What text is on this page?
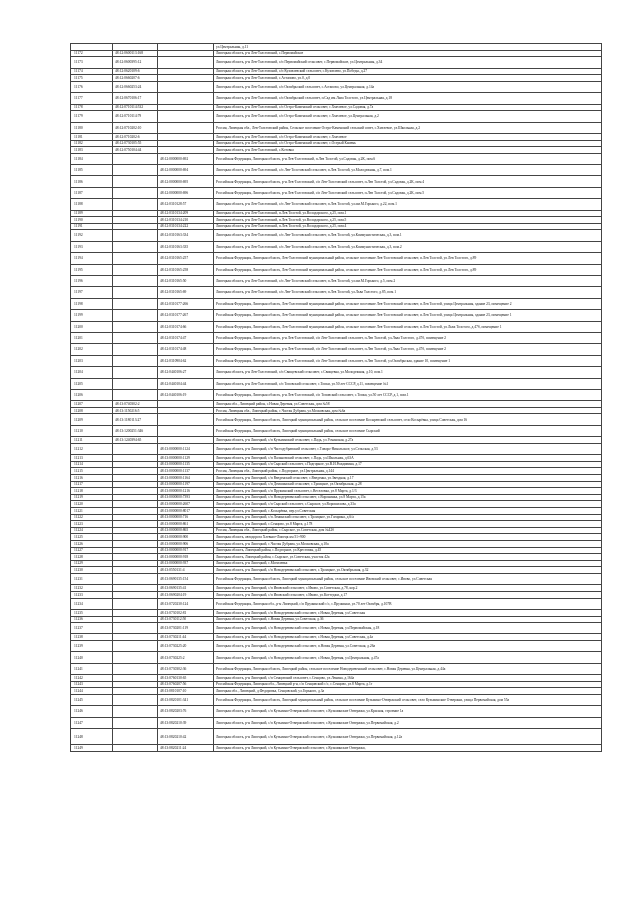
			ул.Центральная, д.11
11172	48:12:0600113:168		Липецкая область, р-н Лев-Толстовский, с.Первомайское
11173	48:12:0600395:12		Липецкая область, р-н Лев-Толстовский, с/п Первомайский сельсовет, с.Первомайское, ул.Центральная, д.34
11174	48:12:0620109:6		Липецкая область, р-н Лев-Толстовский, с/п Кузовлевский сельсовет, с.Кузовлево, ул.Победы, д.27
11175	48:12:0660207:6		Липецкая область, р-н Лев-Толстовский, с.Астапово, ул.0, д.0
11176	48:12:0660253:24		Липецкая область, р-н Лев-Толстовский, с/п Октябрьский сельсовет, с.Астапово, ул.Центральная, д.14а
11177	48:12:0670106:17		Липецкая область, р-н Лев-Толстовский, с/п Октябрьский сельсовет, п.Сад им.Льва Толстого, ул.Центральная, д.18
11178	48:12:0710114:532		Липецкая область, р-н Лев-Толстовский, с/п Остро-Каменский сельсовет, с.Хмелевое, ул.Садовая, д.7а
11179	48:12:0710114:79		Липецкая область, р-н Лев-Толстовский, с/п Остро-Каменский сельсовет, с.Хмелевое, ул.Центральная, д.2
11180	48:12:0710202:10		Россия, Липецкая обл., Лев-Толстовский район, Сельское поселение Остро-Каменский сельский совет, с.Хмелевое, ул.Школьная, д.2
11181	48:12:0710202:6		Липецкая область, р-н Лев-Толстовский, с/п Остро-Каменский сельсовет, с.Хмелевое
11182	48:12:0730105:55		Липецкая область, р-н Лев-Толстовский, с/п Остро-Каменский сельсовет, с.Острый Камень
11183	48:12:0750104:44		Липецкая область, р-н Лев-Толстовский, с.Котовка
11184		48:12:0000000:692	Российская Федерация, Липецкая область, р-н Лев-Толстовский, п.Лев Толстой, ул.Садовая, д.2К, пом.6
11185		48:12:0000000:694	Липецкая область, р-н Лев-Толстовский, с/п Лев-Толстовский сельсовет, п.Лев Толстой, ул.Молодежная, д.7, пом.1
11186		48:12:0000000:695	Российская Федерация, Липецкая область, р-н Лев-Толстовский, с/п Лев-Толстовский сельсовет, п.Лев Толстой, ул.Садовая, д.2К, пом.4
11187		48:12:0000000:696	Российская Федерация, Липецкая область, р-н Лев-Толстовский, с/п Лев-Толстовский сельсовет, п.Лев Толстой, ул.Садовая, д.2К, пом.5
11188		48:12:0310128:57	Липецкая область, р-н Лев-Толстовский, с/п Лев-Толстовский сельсовет, п.Лев Толстой, ул.им.М.Горького, д.22, пом.1
11189		48:12:0310134:209	Липецкая область, р-н Лев-Толстовский, п.Лев Толстой, ул.Володарского, д.25, пом.1
11190		48:12:0310134:210	Липецкая область, р-н Лев-Толстовский, п.Лев Толстой, ул.Володарского, д.25, пом.5
11191		48:12:0310134:222	Липецкая область, р-н Лев-Толстовский, п.Лев Толстой, ул.Володарского, д.25, пом.4
11192		48:12:0310163:334	Липецкая область, р-н Лев-Толстовский, с/п Лев-Толстовский сельсовет, п.Лев Толстой, ул.Коммунистическая, д.3, пом.1
11193		48:12:0310163:335	Липецкая область, р-н Лев-Толстовский, с/п Лев-Толстовский сельсовет, п.Лев Толстой, ул.Коммунистическая, д.3, пом.2
11194		48:12:0310165:257	Российская Федерация, Липецкая область, Лев-Толстовский муниципальный район, сельское поселение Лев-Толстовский сельсовет, п.Лев Толстой, ул.Лев Толстого, д.89
11195		48:12:0310165:258	Российская Федерация, Липецкая область, Лев-Толстовский муниципальный район, сельское поселение Лев-Толстовский сельсовет, п.Лев Толстой, ул.Лев Толстого, д.89
11196		48:12:0310165:50	Липецкая область, р-н Лев-Толстовский, с/п Лев-Толстовский сельсовет, п.Лев Толстой, ул.им.М.Горького, д.5, пом.2
11197		48:12:0310165:69	Липецкая область, р-н Лев-Толстовский, с/п Лев-Толстовский сельсовет, п.Лев Толстой, ул.Льва Толстого, д.85, пом.1
11198		48:12:0310177:266	Российская Федерация, Липецкая область, Лев-Толстовский муниципальный район, сельское поселение Лев-Толстовский сельсовет, п.Лев Толстой, улица Центральная, здание 23, помещение 2
11199		48:12:0310177:267	Российская Федерация, Липецкая область, Лев-Толстовский муниципальный район, сельское поселение Лев-Толстовский сельсовет, п.Лев Толстой, улица Центральная, здание 23, помещение 1
11200		48:12:0310174:66	Российская Федерация, Липецкая область, Лев-Толстовский муниципальный район, сельское поселение Лев-Толстовский сельсовет, п.Лев Толстой, ул.Льва Толстого, д.47б, помещение 1
11201		48:12:0310174:47	Российская Федерация, Липецкая область, р-н Лев-Толстовский, с/п Лев-Толстовский сельсовет, п.Лев Толстой, ул.Льва Толстого, д.47б, помещение 2
11202		48:12:0310174:48	Российская Федерация, Липецкая область, р-н Лев-Толстовский, с/п Лев-Толстовский сельсовет, п.Лев Толстой, ул.Льва Толстого, д.47б, помещение 2
11203		48:12:0310904:62	Российская Федерация, Липецкая область, р-н Лев-Толстовский, с/п Лев-Толстовский сельсовет, п.Лев Толстой, ул.Октябрьская, здание 10, помещение 1
11204		48:12:0440106:27	Липецкая область, р-н Лев-Толстовский, с/п Свищевский сельсовет, с.Свищевка, ул.Молодежная, д.10, пом.1
11205		48:12:0440104:44	Липецкая область, р-н Лев-Толстовский, с/п Топовский сельсовет, с.Топки, ул.50 лет СССР, д.11, помещение №1
11206		48:12:0440106:19	Российская Федерация, Липецкая область, р-н Лев-Толстовский, с/п Топовский сельсовет, с.Топки, ул.50 лет СССР, д.1, пом.1
11207	48:13:0740302:2		Липецкая обл., Липецкий район, с.Новая Деревня, ул.Советская, дом №58
11208	48:13:1150216:5		Россия, Липецкая обл., Липецкий район, с.Частая Дубрава, ул.Московская, дом №6а
11209	48:13:1180113:27		Российская Федерация, Липецкая область, Липецкий муниципальный район, сельское поселение Косыревский сельсовет, село Косырёвка, улица Советская, дом 16
11210	48:13:1200251:346		Российская Федерация, Липецкая область, Липецкий муниципальный район, сельское поселение Сырский
11211	48:13:1240394:65		Липецкая область, р-н Липецкий, с/п Кузьминский сельсовет, с.Падь, ул.Усманская, д.27а
11212		48:13:0000000:1124	Липецкая область, р-н Липецкий, с/п Частодубравский сельсовет, с.Товаро-Никольское, ул.Сельская, д.53
11213		48:13:0000000:1129	Липецкая область, р-н Липецкий, с/п Пальновский сельсовет, с.Падь, ул.Школьная, д.63А
11214		48:13:0000000:1135	Липецкая область, р-н Липецкий, с/п Сырский сельсовет, с.Подгорное, ул.В.И.Рождивина, д.17
11215		48:13:0000000:1137	Россия, Липецкая обл., Липецкий район, с.Подгорное, ул.Центральная, д.144
11216		48:13:0000000:1164	Липецкая область, р-н Липецкий, с/п Введенский сельсовет, с.Введенка, ул.Звездная, д.17
11217		48:13:0000000:1197	Липецкая область, р-н Липецкий, с/п Демшинский сельсовет, с.Троицкое, ул.Октябрьская, д.28
11218		48:13:0000000:1216	Липецкая область, р-н Липецкий, с/п Пружинский сельсовет, с.Веселовка, ул.8 Марта, д.1/3
11219		48:13:0000000:7393	Липецкая область, р-н Липецкий, с/п Новодеревенский сельсовет, с.Воронинка, ул.8 Марта, д.15а
11220		48:13:0000000:2607	Липецкая область, р-н Липецкий, с/п Сырский сельсовет, с.Сырское, ул.Ворошилова, д.33а
11221		48:13:0000000:8017	Липецкая область, р-н Липецкий, с.Косырёвка, пер.ул.Советская
11222		48:13:0000000:716	Липецкая область, р-н Липецкий, с/п Ленинский сельсовет, с.Троицкое, ул.Гагарина, д.6/а
11223		48:13:0000000:861	Липецкая область, р-н Липецкий, с.Сенцово, ул.8 Марта, д.178
11224		48:13:0000000:865	Россия, Липецкая обл., Липецкий район, с.Сырское, ул.Советская, дом №42б
11225		48:13:0000000:900	Липецкая область, автодорога Хлевное-Липецк км 51+900
11226		48:13:0000000:906	Липецкая область, р-н Липецкий, с.Частая Дубрава, ул.Московская, д.10а
11227		48:13:0000000:917	Липецкая область, Липецкий район, с.Подгорное, ул.Крестовая, д.45
11228		48:13:0000000:918	Липецкая область, Липецкий район, с.Сырское, ул.Советская, участок 42а
11229		48:13:0000000:937	Липецкая область, р-н Липецкий, с.Могилевка
11230		48:13:0550131:4	Липецкая область, р-н Липецкий, с/п Новодеревенский сельсовет, с.Троицкое, ул.Октябрьская, д.32
11231		48:13:0690135:154	Российская Федерация, Липецкая область, Липецкий муниципальный район, сельское поселение Ивовский сельсовет, с.Ивово, ул.Советская
11232		48:13:0690135:41	Липецкая область, р-н Липецкий, с/п Ивовский сельсовет, с.Ивово, ул.Советская, д.78, кор.2
11233		48:13:0690204:19	Липецкая область, р-н Липецкий, с/п Ивовский сельсовет, с.Ивово, ул.Коттеджи, д.17
11234		48:13:0720230:124	Российская Федерация, Липецкая обл., р-н Липецкий, с/п Пружинский с/с, с.Пружинки, ул.70 лет Октября, д.107В
11235		48:13:0730102:81	Липецкая область, р-н Липецкий, с/п Новодеревенский сельсовет, с.Новая Деревня, ул.Советская
11236		48:13:0730112:50	Липецкая область, р-н Липецкий, с.Новая Деревня, ул.Советская, д.36
11237		48:13:0730201:119	Липецкая область, р-н Липецкий, с/п Новодеревенский сельсовет, с.Новая Деревня, ул.Первомайская, д.18
11238		48:13:0730211:44	Липецкая область, р-н Липецкий, с/п Новодеревенский сельсовет, с.Новая Деревня, ул.Советская, д.4а
11239		48:13:0730225:20	Липецкая область, р-н Липецкий, с/п Новодеревенский сельсовет, п.Новая Деревня, ул.Советская, д.26а
11240		48:13:0730225:2	Липецкая область, р-н Липецкий, с/п Новодеревенский сельсовет, с.Новая Деревня, ул.Центральная, д.47а
11241		48:13:0730302:36	Российская Федерация, Липецкая область, Липецкий район, сельское поселение Новодеревенский сельсовет, с.Новая Деревня, ул.Центральная, д.44а
11242		48:13:0760130:65	Липецкая область, р-н Липецкий, с/п Сенцовский сельсовет, с.Сенцово, ул.Ленина, д.164а
11243		48:13:0760207:56	Российская Федерация, Липецкая обл., Липецкий р-н, с/п Сенцовский с/с, с.Сенцово, ул.8 Марта, д.1г
11244		48:13:0810107:10	Липецкая обл., Липецкий, д.Федоровка, Сенцовский, ул.Горького, д.3а
11245		48:13:0820101:341	Российская Федерация, Липецкая область, Липецкий муниципальный район, сельское поселение Кузьмино-Отвержский сельсовет, село Кузьминские Отвержки, улица Первомайская, дом 55а
11246		48:13:0820203:76	Липецкая область, р-н Липецкий, с/п Кузьмино-Отвержский сельсовет, с.Кузьминские Отвержки, ул.Красная, строение 1а
11247		48:13:0820210:39	Липецкая область, р-н Липецкий, с/п Кузьмино-Отвержский сельсовет, с.Кузьминские Отвержки, ул.Первомайская, д.2
11248		48:13:0820210:42	Липецкая область, р-н Липецкий, с/п Кузьмино-Отвержский сельсовет, с.Кузьминские Отвержки, ул.Первомайская, д.12а
11249		48:13:0820211:24	Липецкая область, р-н Липецкий, с/п Кузьмино-Отвержский сельсовет, с.Кузьминские Отвержки,
